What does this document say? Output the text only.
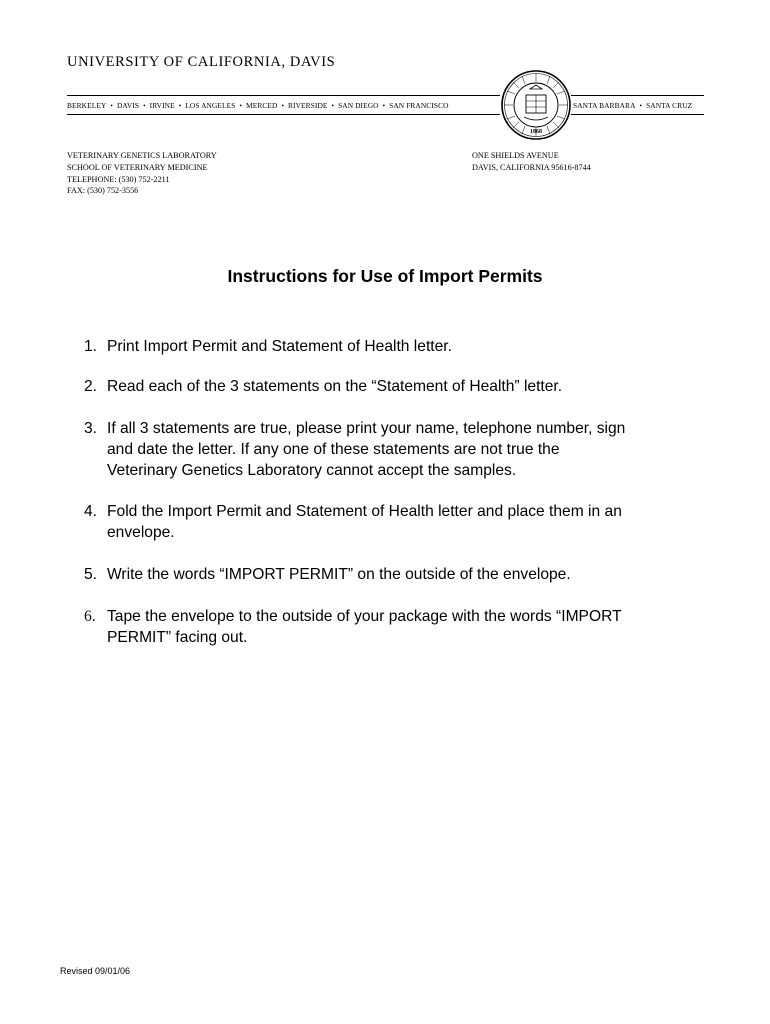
UNIVERSITY OF CALIFORNIA, DAVIS
BERKELEY • DAVIS • IRVINE • LOS ANGELES • MERCED • RIVERSIDE • SAN DIEGO • SAN FRANCISCO	SANTA BARBARA • SANTA CRUZ
1868
VETERINARY GENETICS LABORATORY
SCHOOL OF VETERINARY MEDICINE
TELEPHONE: (530) 752-2211
FAX: (530) 752-3556
ONE SHIELDS AVENUE
DAVIS, CALIFORNIA 95616-8744
Instructions for Use of Import Permits
1. Print Import Permit and Statement of Health letter.
2. Read each of the 3 statements on the “Statement of Health” letter.
3. If all 3 statements are true, please print your name, telephone number, sign
and date the letter. If any one of these statements are not true the
Veterinary Genetics Laboratory cannot accept the samples.
4. Fold the Import Permit and Statement of Health letter and place them in an
envelope.
5. Write the words “IMPORT PERMIT” on the outside of the envelope.
6. Tape the envelope to the outside of your package with the words “IMPORT
PERMIT” facing out.
Revised 09/01/06
